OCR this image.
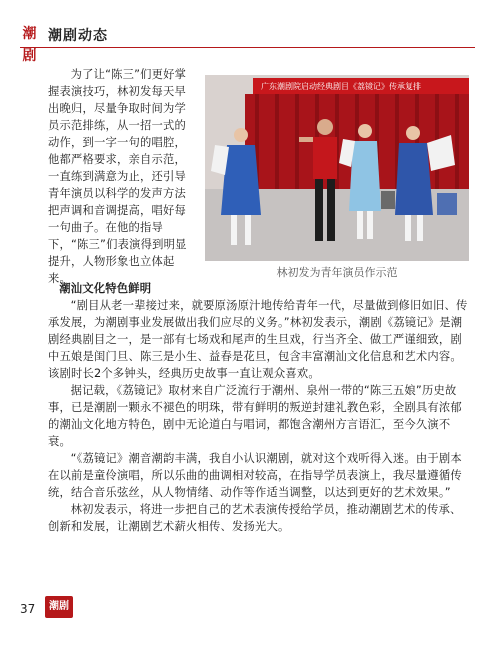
潮剧
潮剧动态

为了让“陈三”们更好掌握表演技巧，林初发每天早出晚归，尽量争取时间为学员示范排练，从一招一式的动作，到一字一句的唱腔，他都严格要求，亲自示范，一直练到满意为止，还引导青年演员以科学的发声方法把声调和音调提高，唱好每一句曲子。在他的指导下，“陈三”们表演得到明显提升，人物形象也立体起来。

广东潮剧院启动经典剧目《荔镜记》传承复排
林初发为青年演员作示范

潮汕文化特色鲜明

“剧目从老一辈接过来，就要原汤原汁地传给青年一代，尽量做到修旧如旧、传承发展，为潮剧事业发展做出我们应尽的义务。”林初发表示，潮剧《荔镜记》是潮剧经典剧目之一，是一部有七场戏和尾声的生旦戏，行当齐全、做工严谨细致，剧中五娘是闺门旦、陈三是小生、益春是花旦，包含丰富潮汕文化信息和艺术内容。该剧时长2个多钟头，经典历史故事一直让观众喜欢。

据记载，《荔镜记》取材来自广泛流行于潮州、泉州一带的“陈三五娘”历史故事，已是潮剧一颗永不褪色的明珠，带有鲜明的叛逆封建礼教色彩，全剧具有浓郁的潮汕文化地方特色，剧中无论道白与唱词，都饱含潮州方言语汇，至今久演不衰。

“《荔镜记》潮音潮韵丰满，我自小认识潮剧，就对这个戏听得入迷。由于剧本在以前是童伶演唱，所以乐曲的曲调相对较高，在指导学员表演上，我尽量遵循传统，结合音乐弦丝，从人物情绪、动作等作适当调整，以达到更好的艺术效果。”

林初发表示，将进一步把自己的艺术表演传授给学员，推动潮剧艺术的传承、创新和发展，让潮剧艺术薪火相传、发扬光大。

37	潮剧
